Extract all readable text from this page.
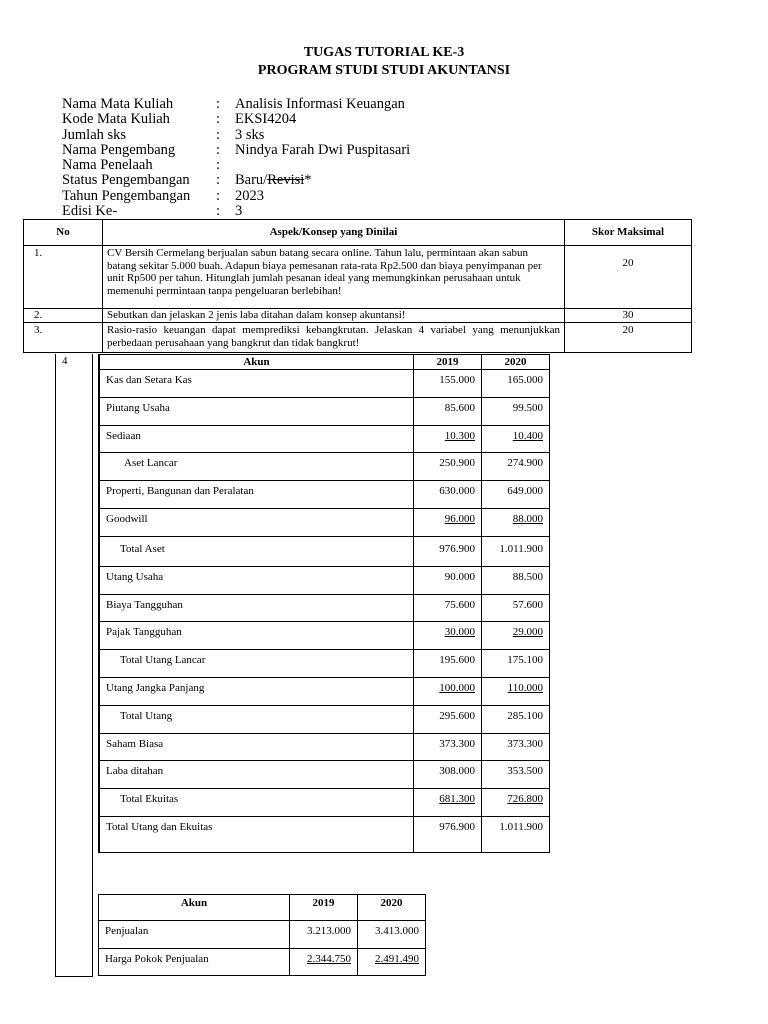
TUGAS TUTORIAL KE-3
PROGRAM STUDI STUDI AKUNTANSI
Nama Mata Kuliah	: Analisis Informasi Keuangan
Kode Mata Kuliah	: EKSI4204
Jumlah sks	: 3 sks
Nama Pengembang	: Nindya Farah Dwi Puspitasari
Nama Penelaah	:
Status Pengembangan : Baru/Revisi*
Tahun Pengembangan : 2023
Edisi Ke-	: 3
No	Aspek/Konsep yang Dinilai	Skor Maksimal
1.	CV Bersih Cermelang berjualan sabun batang secara online. Tahun lalu, permintaan akan sabun batang sekitar 5.000 buah. Adapun biaya pemesanan rata-rata Rp2.500 dan biaya penyimpanan per unit Rp500 per tahun. Hitunglah jumlah pesanan ideal yang memungkinkan perusahaan untuk memenuhi permintaan tanpa pengeluaran berlebihan!	20
2.	Sebutkan dan jelaskan 2 jenis laba ditahan dalam konsep akuntansi!	30
3.	Rasio-rasio keuangan dapat memprediksi kebangkrutan. Jelaskan 4 variabel yang menunjukkan perbedaan perusahaan yang bangkrut dan tidak bangkrut!	20
4	Akun	2019	2020
Kas dan Setara Kas	155.000	165.000
Piutang Usaha	85.600	99.500
Sediaan	10.300	10.400
Aset Lancar	250.900	274.900
Properti, Bangunan dan Peralatan	630.000	649.000
Goodwill	96.000	88.000
Total Aset	976.900	1.011.900
Utang Usaha	90.000	88.500
Biaya Tangguhan	75.600	57.600
Pajak Tangguhan	30.000	29.000
Total Utang Lancar	195.600	175.100
Utang Jangka Panjang	100.000	110.000
Total Utang	295.600	285.100
Saham Biasa	373.300	373.300
Laba ditahan	308.000	353.500
Total Ekuitas	681.300	726.800
Total Utang dan Ekuitas	976.900	1.011.900
Akun	2019	2020
Penjualan	3.213.000	3.413.000
Harga Pokok Penjualan	2.344.750	2.491.490
